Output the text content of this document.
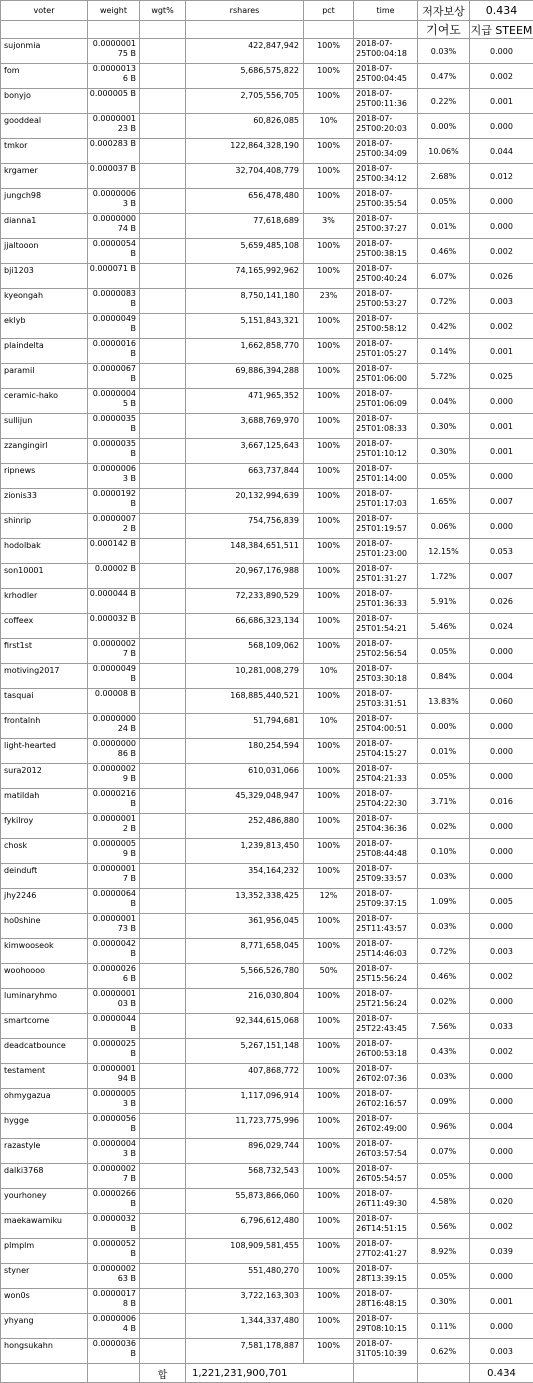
voter	weight	wgt%	rshares	pct	time	저자보상	0.434
						기여도	지급 STEEM
sujonmia	0.000000175 B		422,847,942	100%	2018-07-25T00:04:18	0.03%	0.000
fom	0.00000136 B		5,686,575,822	100%	2018-07-25T00:04:45	0.47%	0.002
bonyjo	0.000005 B		2,705,556,705	100%	2018-07-25T00:11:36	0.22%	0.001
gooddeal	0.000000123 B		60,826,085	10%	2018-07-25T00:20:03	0.00%	0.000
tmkor	0.000283 B		122,864,328,190	100%	2018-07-25T00:34:09	10.06%	0.044
krgamer	0.000037 B		32,704,408,779	100%	2018-07-25T00:34:12	2.68%	0.012
jungch98	0.00000063 B		656,478,480	100%	2018-07-25T00:35:54	0.05%	0.000
dianna1	0.000000074 B		77,618,689	3%	2018-07-25T00:37:27	0.01%	0.000
jjaltooon	0.0000054 B		5,659,485,108	100%	2018-07-25T00:38:15	0.46%	0.002
bji1203	0.000071 B		74,165,992,962	100%	2018-07-25T00:40:24	6.07%	0.026
kyeongah	0.0000083 B		8,750,141,180	23%	2018-07-25T00:53:27	0.72%	0.003
eklyb	0.0000049 B		5,151,843,321	100%	2018-07-25T00:58:12	0.42%	0.002
plaindelta	0.0000016 B		1,662,858,770	100%	2018-07-25T01:05:27	0.14%	0.001
paramil	0.0000067 B		69,886,394,288	100%	2018-07-25T01:06:00	5.72%	0.025
ceramic-hako	0.00000045 B		471,965,352	100%	2018-07-25T01:06:09	0.04%	0.000
sullijun	0.0000035 B		3,688,769,970	100%	2018-07-25T01:08:33	0.30%	0.001
zzangingirl	0.0000035 B		3,667,125,643	100%	2018-07-25T01:10:12	0.30%	0.001
ripnews	0.00000063 B		663,737,844	100%	2018-07-25T01:14:00	0.05%	0.000
zionis33	0.0000192 B		20,132,994,639	100%	2018-07-25T01:17:03	1.65%	0.007
shinrip	0.00000072 B		754,756,839	100%	2018-07-25T01:19:57	0.06%	0.000
hodolbak	0.000142 B		148,384,651,511	100%	2018-07-25T01:23:00	12.15%	0.053
son10001	0.00002 B		20,967,176,988	100%	2018-07-25T01:31:27	1.72%	0.007
krhodler	0.000044 B		72,233,890,529	100%	2018-07-25T01:36:33	5.91%	0.026
coffeex	0.000032 B		66,686,323,134	100%	2018-07-25T01:54:21	5.46%	0.024
first1st	0.00000027 B		568,109,062	100%	2018-07-25T02:56:54	0.05%	0.000
motiving2017	0.0000049 B		10,281,008,279	10%	2018-07-25T03:30:18	0.84%	0.004
tasquai	0.00008 B		168,885,440,521	100%	2018-07-25T03:31:51	13.83%	0.060
frontalnh	0.000000024 B		51,794,681	10%	2018-07-25T04:00:51	0.00%	0.000
light-hearted	0.000000086 B		180,254,594	100%	2018-07-25T04:15:27	0.01%	0.000
sura2012	0.00000029 B		610,031,066	100%	2018-07-25T04:21:33	0.05%	0.000
matildah	0.0000216 B		45,329,048,947	100%	2018-07-25T04:22:30	3.71%	0.016
fykilroy	0.00000012 B		252,486,880	100%	2018-07-25T04:36:36	0.02%	0.000
chosk	0.00000059 B		1,239,813,450	100%	2018-07-25T08:44:48	0.10%	0.000
deinduft	0.00000017 B		354,164,232	100%	2018-07-25T09:33:57	0.03%	0.000
jhy2246	0.0000064 B		13,352,338,425	12%	2018-07-25T09:37:15	1.09%	0.005
ho0shine	0.000000173 B		361,956,045	100%	2018-07-25T11:43:57	0.03%	0.000
kimwooseok	0.0000042 B		8,771,658,045	100%	2018-07-25T14:46:03	0.72%	0.003
woohoooo	0.00000266 B		5,566,526,780	50%	2018-07-25T15:56:24	0.46%	0.002
luminaryhmo	0.000000103 B		216,030,804	100%	2018-07-25T21:56:24	0.02%	0.000
smartcome	0.0000044 B		92,344,615,068	100%	2018-07-25T22:43:45	7.56%	0.033
deadcatbounce	0.0000025 B		5,267,151,148	100%	2018-07-26T00:53:18	0.43%	0.002
testament	0.000000194 B		407,868,772	100%	2018-07-26T02:07:36	0.03%	0.000
ohmygazua	0.00000053 B		1,117,096,914	100%	2018-07-26T02:16:57	0.09%	0.000
hygge	0.0000056 B		11,723,775,996	100%	2018-07-26T02:49:00	0.96%	0.004
razastyle	0.00000043 B		896,029,744	100%	2018-07-26T03:57:54	0.07%	0.000
dalki3768	0.00000027 B		568,732,543	100%	2018-07-26T05:54:57	0.05%	0.000
yourhoney	0.0000266 B		55,873,866,060	100%	2018-07-26T11:49:30	4.58%	0.020
maekawamiku	0.0000032 B		6,796,612,480	100%	2018-07-26T14:51:15	0.56%	0.002
plmplm	0.0000052 B		108,909,581,455	100%	2018-07-27T02:41:27	8.92%	0.039
styner	0.000000263 B		551,480,270	100%	2018-07-28T13:39:15	0.05%	0.000
won0s	0.00000178 B		3,722,163,303	100%	2018-07-28T16:48:15	0.30%	0.001
yhyang	0.00000064 B		1,344,337,480	100%	2018-07-29T08:10:15	0.11%	0.000
hongsukahn	0.0000036 B		7,581,178,887	100%	2018-07-31T05:10:39	0.62%	0.003
		합	1,221,231,900,701				0.434
